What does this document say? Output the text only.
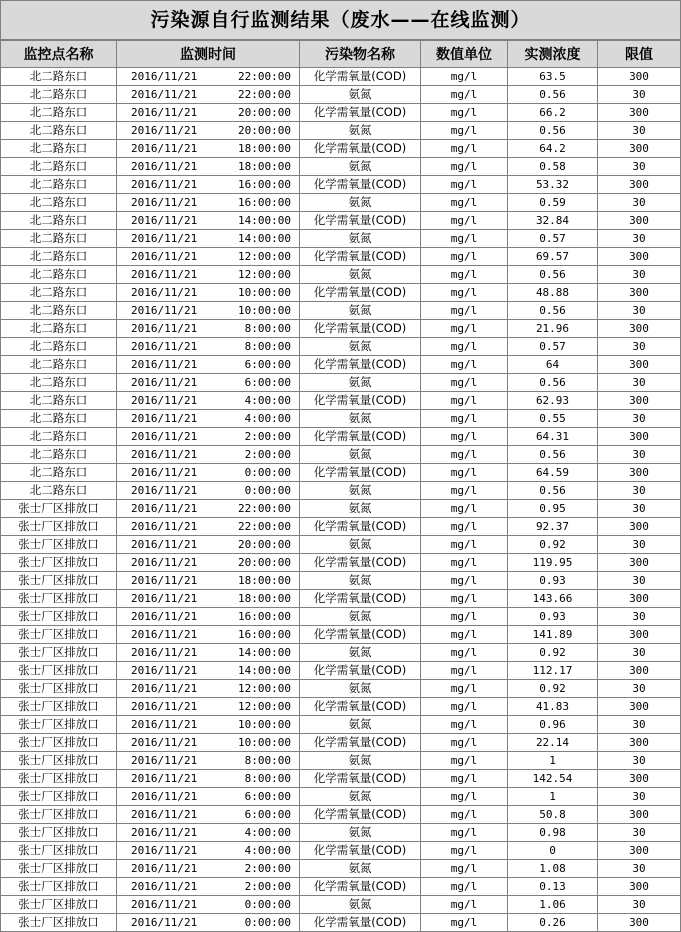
污染源自行监测结果（废水——在线监测）
监控点名称	监测时间	污染物名称	数值单位	实测浓度	限值
北二路东口	2016/11/21 22:00:00	化学需氧量(COD)	mg/l	63.5	300
北二路东口	2016/11/21 22:00:00	氨氮	mg/l	0.56	30
北二路东口	2016/11/21 20:00:00	化学需氧量(COD)	mg/l	66.2	300
北二路东口	2016/11/21 20:00:00	氨氮	mg/l	0.56	30
北二路东口	2016/11/21 18:00:00	化学需氧量(COD)	mg/l	64.2	300
北二路东口	2016/11/21 18:00:00	氨氮	mg/l	0.58	30
北二路东口	2016/11/21 16:00:00	化学需氧量(COD)	mg/l	53.32	300
北二路东口	2016/11/21 16:00:00	氨氮	mg/l	0.59	30
北二路东口	2016/11/21 14:00:00	化学需氧量(COD)	mg/l	32.84	300
北二路东口	2016/11/21 14:00:00	氨氮	mg/l	0.57	30
北二路东口	2016/11/21 12:00:00	化学需氧量(COD)	mg/l	69.57	300
北二路东口	2016/11/21 12:00:00	氨氮	mg/l	0.56	30
北二路东口	2016/11/21 10:00:00	化学需氧量(COD)	mg/l	48.88	300
北二路东口	2016/11/21 10:00:00	氨氮	mg/l	0.56	30
北二路东口	2016/11/21 8:00:00	化学需氧量(COD)	mg/l	21.96	300
北二路东口	2016/11/21 8:00:00	氨氮	mg/l	0.57	30
北二路东口	2016/11/21 6:00:00	化学需氧量(COD)	mg/l	64	300
北二路东口	2016/11/21 6:00:00	氨氮	mg/l	0.56	30
北二路东口	2016/11/21 4:00:00	化学需氧量(COD)	mg/l	62.93	300
北二路东口	2016/11/21 4:00:00	氨氮	mg/l	0.55	30
北二路东口	2016/11/21 2:00:00	化学需氧量(COD)	mg/l	64.31	300
北二路东口	2016/11/21 2:00:00	氨氮	mg/l	0.56	30
北二路东口	2016/11/21 0:00:00	化学需氧量(COD)	mg/l	64.59	300
北二路东口	2016/11/21 0:00:00	氨氮	mg/l	0.56	30
张士厂区排放口	2016/11/21 22:00:00	氨氮	mg/l	0.95	30
张士厂区排放口	2016/11/21 22:00:00	化学需氧量(COD)	mg/l	92.37	300
张士厂区排放口	2016/11/21 20:00:00	氨氮	mg/l	0.92	30
张士厂区排放口	2016/11/21 20:00:00	化学需氧量(COD)	mg/l	119.95	300
张士厂区排放口	2016/11/21 18:00:00	氨氮	mg/l	0.93	30
张士厂区排放口	2016/11/21 18:00:00	化学需氧量(COD)	mg/l	143.66	300
张士厂区排放口	2016/11/21 16:00:00	氨氮	mg/l	0.93	30
张士厂区排放口	2016/11/21 16:00:00	化学需氧量(COD)	mg/l	141.89	300
张士厂区排放口	2016/11/21 14:00:00	氨氮	mg/l	0.92	30
张士厂区排放口	2016/11/21 14:00:00	化学需氧量(COD)	mg/l	112.17	300
张士厂区排放口	2016/11/21 12:00:00	氨氮	mg/l	0.92	30
张士厂区排放口	2016/11/21 12:00:00	化学需氧量(COD)	mg/l	41.83	300
张士厂区排放口	2016/11/21 10:00:00	氨氮	mg/l	0.96	30
张士厂区排放口	2016/11/21 10:00:00	化学需氧量(COD)	mg/l	22.14	300
张士厂区排放口	2016/11/21 8:00:00	氨氮	mg/l	1	30
张士厂区排放口	2016/11/21 8:00:00	化学需氧量(COD)	mg/l	142.54	300
张士厂区排放口	2016/11/21 6:00:00	氨氮	mg/l	1	30
张士厂区排放口	2016/11/21 6:00:00	化学需氧量(COD)	mg/l	50.8	300
张士厂区排放口	2016/11/21 4:00:00	氨氮	mg/l	0.98	30
张士厂区排放口	2016/11/21 4:00:00	化学需氧量(COD)	mg/l	0	300
张士厂区排放口	2016/11/21 2:00:00	氨氮	mg/l	1.08	30
张士厂区排放口	2016/11/21 2:00:00	化学需氧量(COD)	mg/l	0.13	300
张士厂区排放口	2016/11/21 0:00:00	氨氮	mg/l	1.06	30
张士厂区排放口	2016/11/21 0:00:00	化学需氧量(COD)	mg/l	0.26	300
